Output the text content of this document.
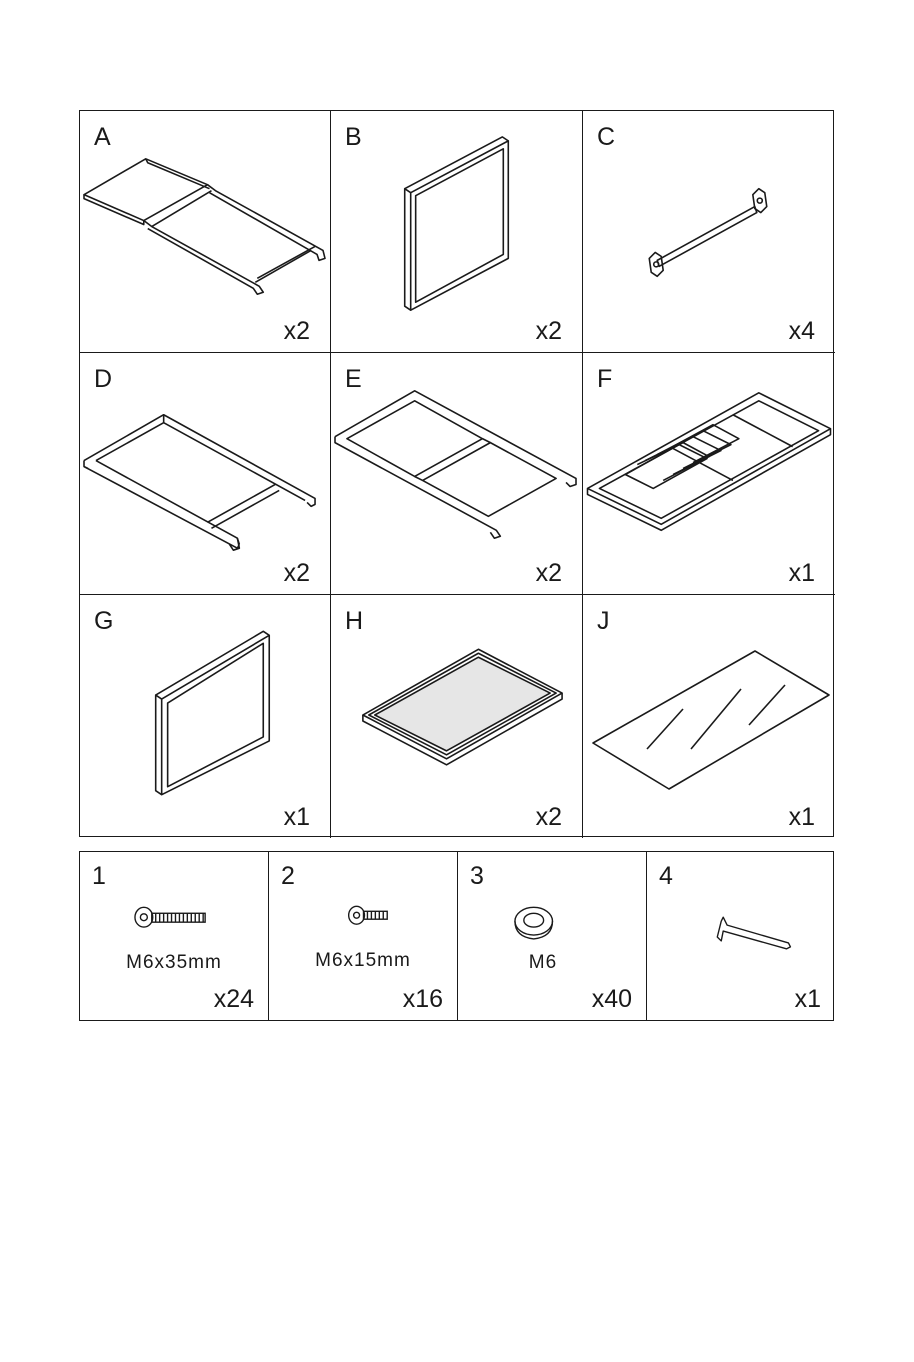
A
x2
B
x2
C
x4
D
x2
E
x2
F
x1
G
x1
H
x2
J
x1
1
M6x35mm
x24
2
M6x15mm
x16
3
M6
x40
4
x1
